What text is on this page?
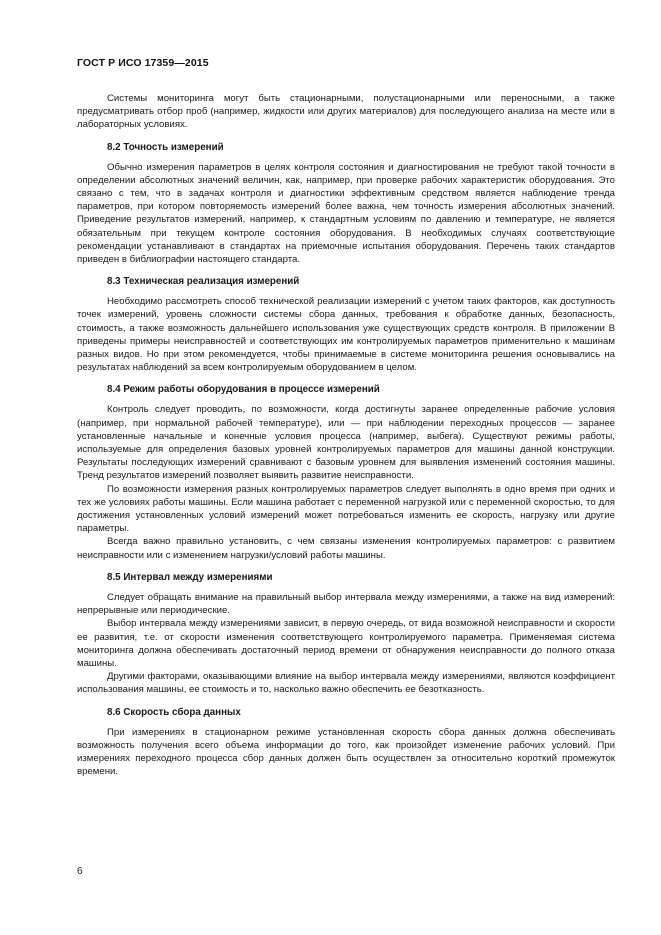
ГОСТ Р ИСО 17359—2015

Системы мониторинга могут быть стационарными, полустационарными или переносными, а также предусматривать отбор проб (например, жидкости или других материалов) для последующего анализа на месте или в лабораторных условиях.

8.2 Точность измерений

Обычно измерения параметров в целях контроля состояния и диагностирования не требуют такой точности в определении абсолютных значений величин, как, например, при проверке рабочих характеристик оборудования. Это связано с тем, что в задачах контроля и диагностики эффективным средством является наблюдение тренда параметров, при котором повторяемость измерений более важна, чем точность измерения абсолютных значений. Приведение результатов измерений, например, к стандартным условиям по давлению и температуре, не является обязательным при текущем контроле состояния оборудования. В необходимых случаях соответствующие рекомендации устанавливают в стандартах на приемочные испытания оборудования. Перечень таких стандартов приведен в библиографии настоящего стандарта.

8.3 Техническая реализация измерений

Необходимо рассмотреть способ технической реализации измерений с учетом таких факторов, как доступность точек измерений, уровень сложности системы сбора данных, требования к обработке данных, безопасность, стоимость, а также возможность дальнейшего использования уже существующих средств контроля. В приложении В приведены примеры неисправностей и соответствующих им контролируемых параметров применительно к машинам разных видов. Но при этом рекомендуется, чтобы принимаемые в системе мониторинга решения основывались на результатах наблюдений за всем контролируемым оборудованием в целом.

8.4 Режим работы оборудования в процессе измерений

Контроль следует проводить, по возможности, когда достигнуты заранее определенные рабочие условия (например, при нормальной рабочей температуре), или — при наблюдении переходных процессов — заранее установленные начальные и конечные условия процесса (например, выбега). Существуют режимы работы, используемые для определения базовых уровней контролируемых параметров для машины данной конструкции. Результаты последующих измерений сравнивают с базовым уровнем для выявления изменений состояния машины. Тренд результатов измерений позволяет выявить развитие неисправности.

По возможности измерения разных контролируемых параметров следует выполнять в одно время при одних и тех же условиях работы машины. Если машина работает с переменной нагрузкой или с переменной скоростью, то для достижения установленных условий измерений может потребоваться изменить ее скорость, нагрузку или другие параметры.

Всегда важно правильно установить, с чем связаны изменения контролируемых параметров: с развитием неисправности или с изменением нагрузки/условий работы машины.

8.5 Интервал между измерениями

Следует обращать внимание на правильный выбор интервала между измерениями, а также на вид измерений: непрерывные или периодические.

Выбор интервала между измерениями зависит, в первую очередь, от вида возможной неисправности и скорости ее развития, т.е. от скорости изменения соответствующего контролируемого параметра. Применяемая система мониторинга должна обеспечивать достаточный период времени от обнаружения неисправности до полного отказа машины.

Другими факторами, оказывающими влияние на выбор интервала между измерениями, являются коэффициент использования машины, ее стоимость и то, насколько важно обеспечить ее безотказность.

8.6 Скорость сбора данных

При измерениях в стационарном режиме установленная скорость сбора данных должна обеспечивать возможность получения всего объема информации до того, как произойдет изменение рабочих условий. При измерениях переходного процесса сбор данных должен быть осуществлен за относительно короткий промежуток времени.

6
